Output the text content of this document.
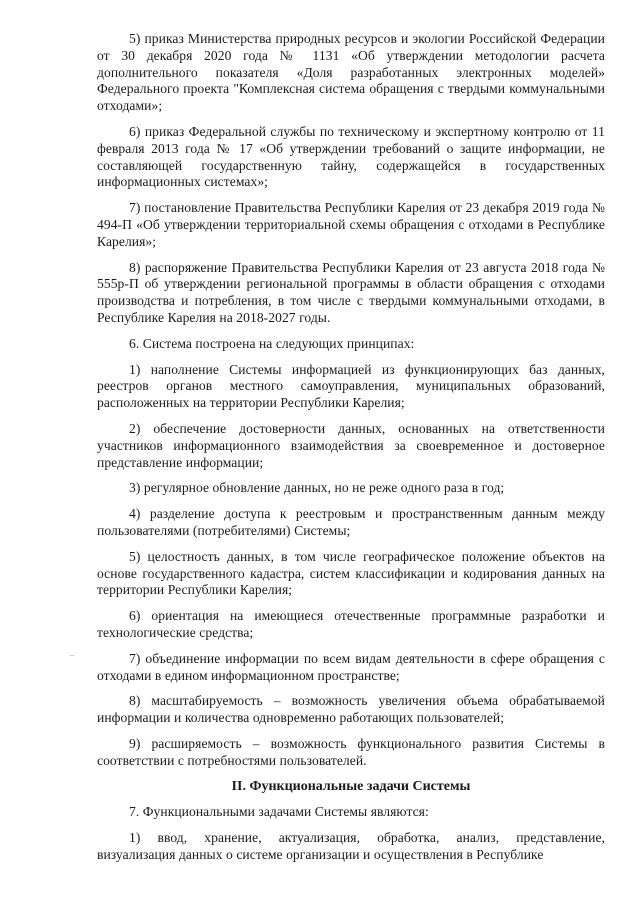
5) приказ Министерства природных ресурсов и экологии Российской Федерации от 30 декабря 2020 года № 1131 «Об утверждении методологии расчета дополнительного показателя «Доля разработанных электронных моделей» Федерального проекта "Комплексная система обращения с твердыми коммунальными отходами»;

6) приказ Федеральной службы по техническому и экспертному контролю от 11 февраля 2013 года № 17 «Об утверждении требований о защите информации, не составляющей государственную тайну, содержащейся в государственных информационных системах»;

7) постановление Правительства Республики Карелия от 23 декабря 2019 года № 494-П «Об утверждении территориальной схемы обращения с отходами в Республике Карелия»;

8) распоряжение Правительства Республики Карелия от 23 августа 2018 года № 555р-П об утверждении региональной программы в области обращения с отходами производства и потребления, в том числе с твердыми коммунальными отходами, в Республике Карелия на 2018-2027 годы.

6. Система построена на следующих принципах:

1) наполнение Системы информацией из функционирующих баз данных, реестров органов местного самоуправления, муниципальных образований, расположенных на территории Республики Карелия;

2) обеспечение достоверности данных, основанных на ответственности участников информационного взаимодействия за своевременное и достоверное представление информации;

3) регулярное обновление данных, но не реже одного раза в год;

4) разделение доступа к реестровым и пространственным данным между пользователями (потребителями) Системы;

5) целостность данных, в том числе географическое положение объектов на основе государственного кадастра, систем классификации и кодирования данных на территории Республики Карелия;

6) ориентация на имеющиеся отечественные программные разработки и технологические средства;

7) объединение информации по всем видам деятельности в сфере обращения с отходами в едином информационном пространстве;

8) масштабируемость – возможность увеличения объема обрабатываемой информации и количества одновременно работающих пользователей;

9) расширяемость – возможность функционального развития Системы в соответствии с потребностями пользователей.

II. Функциональные задачи Системы

7. Функциональными задачами Системы являются:

1) ввод, хранение, актуализация, обработка, анализ, представление, визуализация данных о системе организации и осуществления в Республике
